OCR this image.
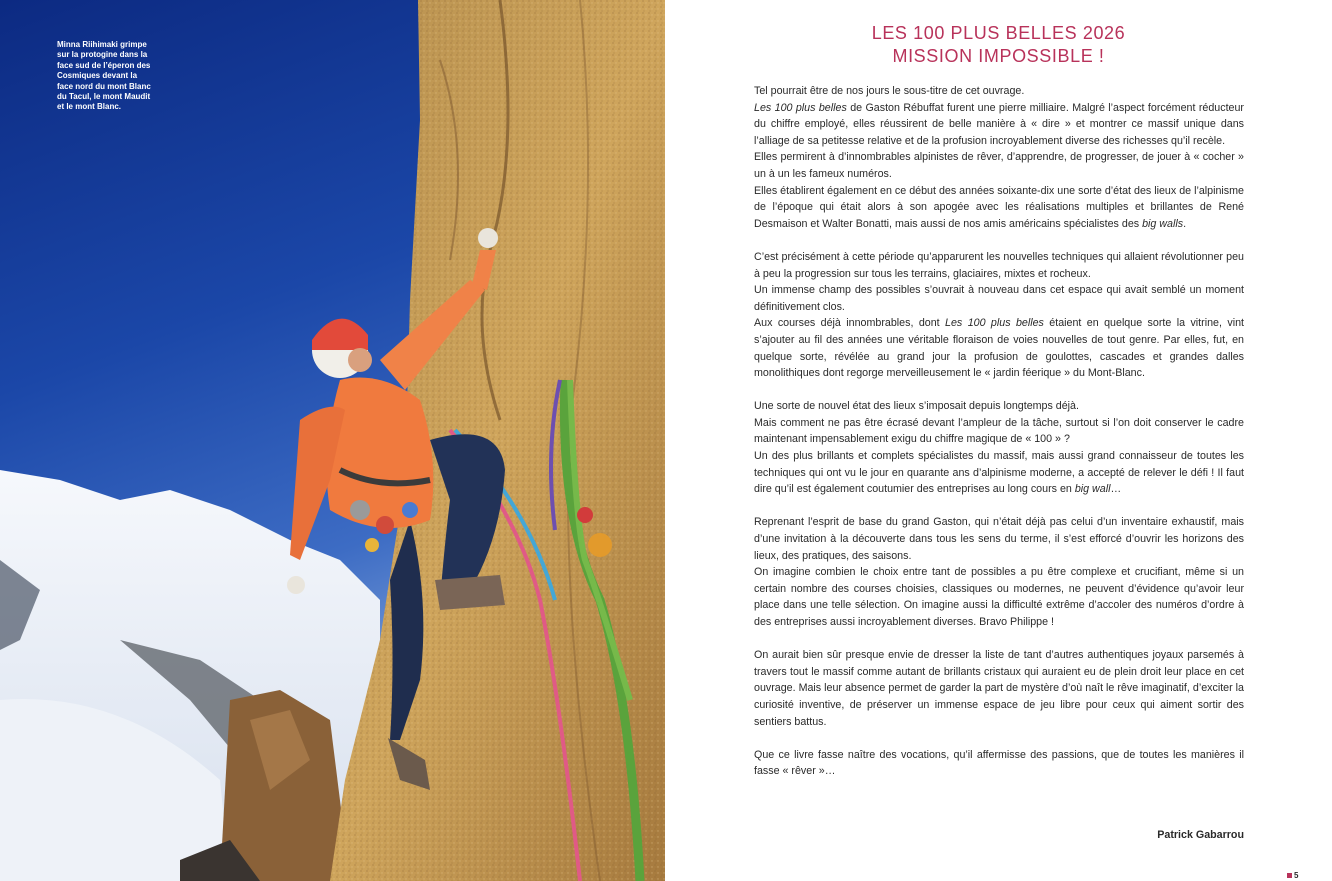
Minna Riihimaki grimpe
sur la protogine dans la
face sud de l’éperon des
Cosmiques devant la
face nord du mont Blanc
du Tacul, le mont Maudit
et le mont Blanc.
LES 100 PLUS BELLES 2026
MISSION IMPOSSIBLE !

Tel pourrait être de nos jours le sous-titre de cet ouvrage.

Les 100 plus belles de Gaston Rébuffat furent une pierre milliaire. Malgré l’aspect forcément réducteur du chiffre employé, elles réussirent de belle manière à « dire » et montrer ce massif unique dans l’alliage de sa petitesse relative et de la profusion incroyablement diverse des richesses qu’il recèle.

Elles permirent à d’innombrables alpinistes de rêver, d’apprendre, de progresser, de jouer à « cocher » un à un les fameux numéros.

Elles établirent également en ce début des années soixante-dix une sorte d’état des lieux de l’alpinisme de l’époque qui était alors à son apogée avec les réalisations multiples et brillantes de René Desmaison et Walter Bonatti, mais aussi de nos amis américains spécialistes des big walls.

C’est précisément à cette période qu’apparurent les nouvelles techniques qui allaient révolutionner peu à peu la progression sur tous les terrains, glaciaires, mixtes et rocheux.

Un immense champ des possibles s’ouvrait à nouveau dans cet espace qui avait semblé un moment définitivement clos.

Aux courses déjà innombrables, dont Les 100 plus belles étaient en quelque sorte la vitrine, vint s’ajouter au fil des années une véritable floraison de voies nouvelles de tout genre. Par elles, fut, en quelque sorte, révélée au grand jour la profusion de goulottes, cascades et grandes dalles monolithiques dont regorge merveilleusement le « jardin féerique » du Mont-Blanc.

Une sorte de nouvel état des lieux s’imposait depuis longtemps déjà.

Mais comment ne pas être écrasé devant l’ampleur de la tâche, surtout si l’on doit conserver le cadre maintenant impensablement exigu du chiffre magique de « 100 » ?

Un des plus brillants et complets spécialistes du massif, mais aussi grand connaisseur de toutes les techniques qui ont vu le jour en quarante ans d’alpinisme moderne, a accepté de relever le défi ! Il faut dire qu’il est également coutumier des entreprises au long cours en big wall…

Reprenant l’esprit de base du grand Gaston, qui n’était déjà pas celui d’un inventaire exhaustif, mais d’une invitation à la découverte dans tous les sens du terme, il s’est efforcé d’ouvrir les horizons des lieux, des pratiques, des saisons.

On imagine combien le choix entre tant de possibles a pu être complexe et crucifiant, même si un certain nombre des courses choisies, classiques ou modernes, ne peuvent d’évidence qu’avoir leur place dans une telle sélection. On imagine aussi la difficulté extrême d’accoler des numéros d’ordre à des entreprises aussi incroyablement diverses. Bravo Philippe !

On aurait bien sûr presque envie de dresser la liste de tant d’autres authentiques joyaux parsemés à travers tout le massif comme autant de brillants cristaux qui auraient eu de plein droit leur place en cet ouvrage. Mais leur absence permet de garder la part de mystère d’où naît le rêve imaginatif, d’exciter la curiosité inventive, de préserver un immense espace de jeu libre pour ceux qui aiment sortir des sentiers battus.

Que ce livre fasse naître des vocations, qu’il affermisse des passions, que de toutes les manières il fasse « rêver »…

Patrick Gabarrou
5
